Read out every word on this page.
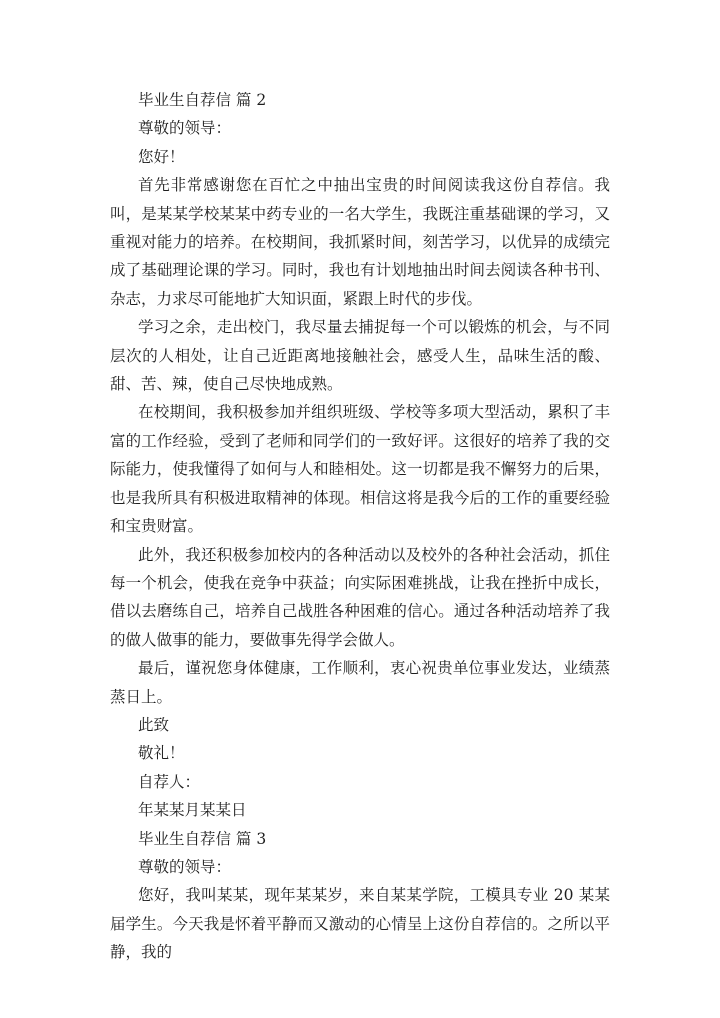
毕业生自荐信 篇 2

尊敬的领导：

您好！

首先非常感谢您在百忙之中抽出宝贵的时间阅读我这份自荐信。我叫，是某某学校某某中药专业的一名大学生，我既注重基础课的学习，又重视对能力的培养。在校期间，我抓紧时间，刻苦学习，以优异的成绩完成了基础理论课的学习。同时，我也有计划地抽出时间去阅读各种书刊、杂志，力求尽可能地扩大知识面，紧跟上时代的步伐。

学习之余，走出校门，我尽量去捕捉每一个可以锻炼的机会，与不同层次的人相处，让自己近距离地接触社会，感受人生，品味生活的酸、甜、苦、辣，使自己尽快地成熟。

在校期间，我积极参加并组织班级、学校等多项大型活动，累积了丰富的工作经验，受到了老师和同学们的一致好评。这很好的培养了我的交际能力，使我懂得了如何与人和睦相处。这一切都是我不懈努力的后果，也是我所具有积极进取精神的体现。相信这将是我今后的工作的重要经验和宝贵财富。

此外，我还积极参加校内的各种活动以及校外的各种社会活动，抓住每一个机会，使我在竞争中获益；向实际困难挑战，让我在挫折中成长，借以去磨练自己，培养自己战胜各种困难的信心。通过各种活动培养了我的做人做事的能力，要做事先得学会做人。

最后，谨祝您身体健康，工作顺利，衷心祝贵单位事业发达，业绩蒸蒸日上。

此致

敬礼！

自荐人：

年某某月某某日

毕业生自荐信 篇 3

尊敬的领导：

您好，我叫某某，现年某某岁，来自某某学院，工模具专业 20 某某届学生。今天我是怀着平静而又激动的心情呈上这份自荐信的。之所以平静，我的
